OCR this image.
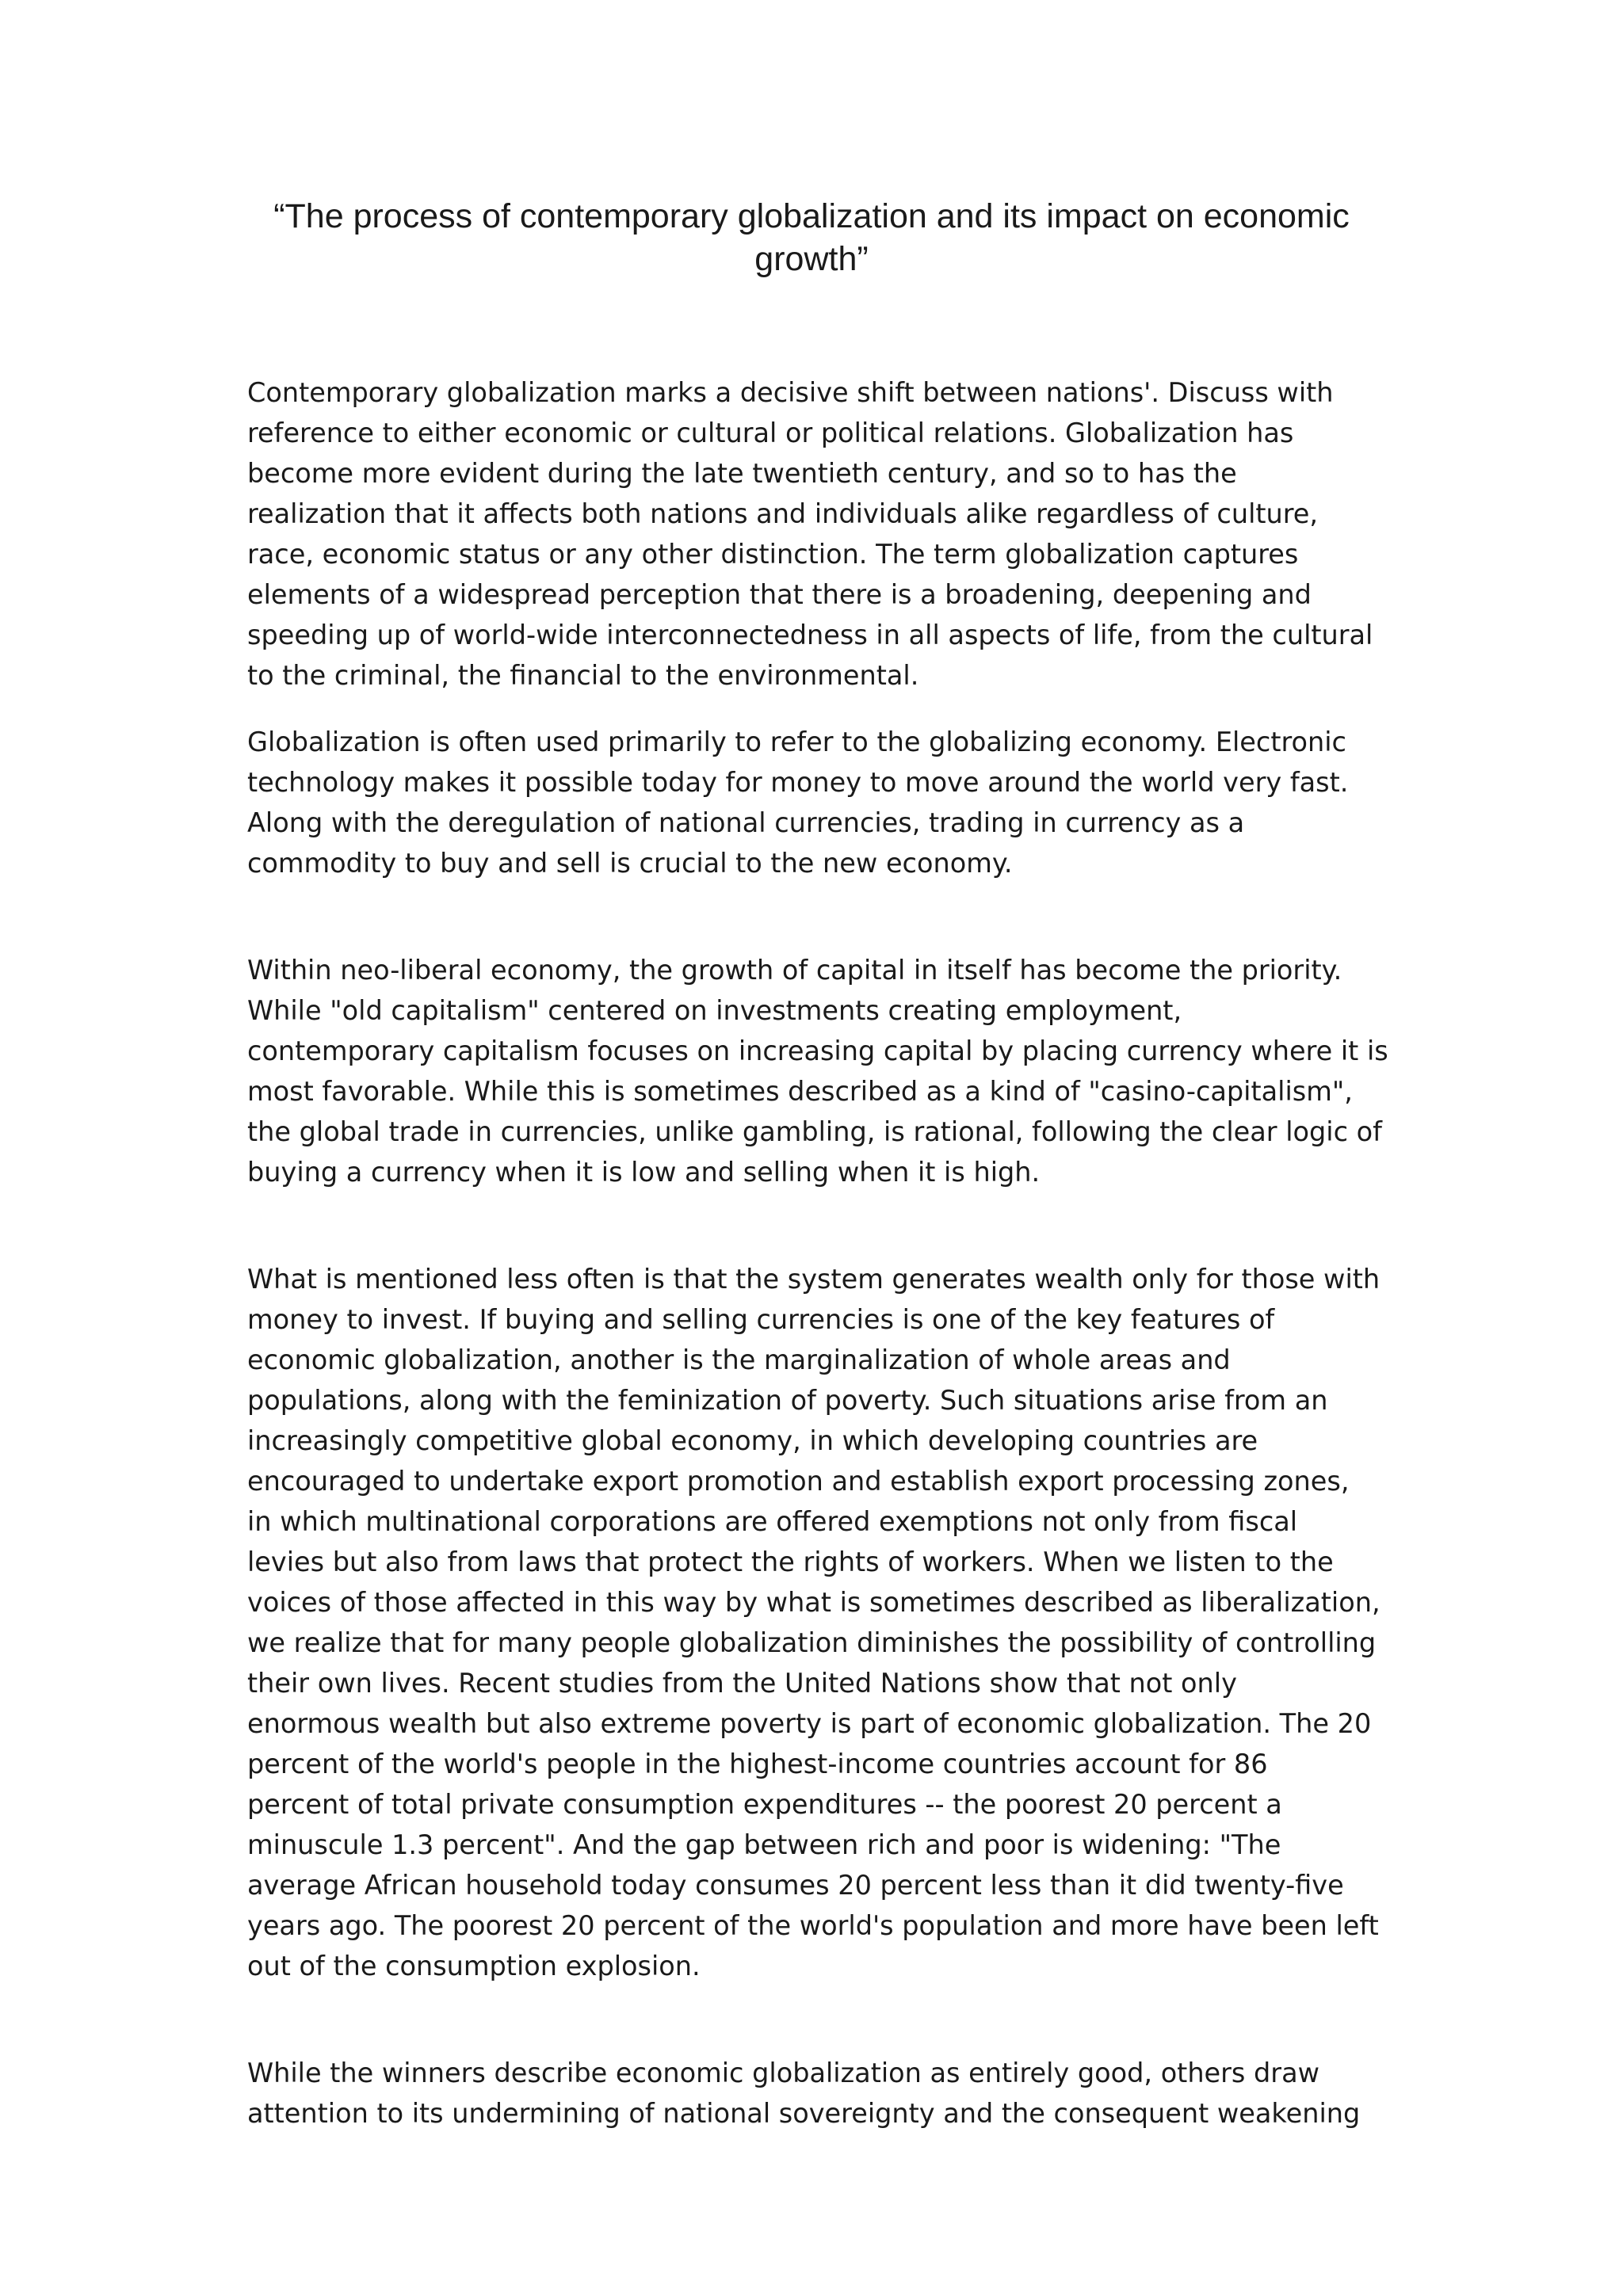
“The process of contemporary globalization and its impact on economic growth”

Contemporary globalization marks a decisive shift between nations'. Discuss with
reference to either economic or cultural or political relations. Globalization has
become more evident during the late twentieth century, and so to has the
realization that it affects both nations and individuals alike regardless of culture,
race, economic status or any other distinction. The term globalization captures
elements of a widespread perception that there is a broadening, deepening and
speeding up of world-wide interconnectedness in all aspects of life, from the cultural
to the criminal, the financial to the environmental.

Globalization is often used primarily to refer to the globalizing economy. Electronic
technology makes it possible today for money to move around the world very fast.
Along with the deregulation of national currencies, trading in currency as a
commodity to buy and sell is crucial to the new economy.

Within neo-liberal economy, the growth of capital in itself has become the priority.
While "old capitalism" centered on investments creating employment,
contemporary capitalism focuses on increasing capital by placing currency where it is
most favorable. While this is sometimes described as a kind of "casino-capitalism",
the global trade in currencies, unlike gambling, is rational, following the clear logic of
buying a currency when it is low and selling when it is high.

What is mentioned less often is that the system generates wealth only for those with
money to invest. If buying and selling currencies is one of the key features of
economic globalization, another is the marginalization of whole areas and
populations, along with the feminization of poverty. Such situations arise from an
increasingly competitive global economy, in which developing countries are
encouraged to undertake export promotion and establish export processing zones,
in which multinational corporations are offered exemptions not only from fiscal
levies but also from laws that protect the rights of workers. When we listen to the
voices of those affected in this way by what is sometimes described as liberalization,
we realize that for many people globalization diminishes the possibility of controlling
their own lives. Recent studies from the United Nations show that not only
enormous wealth but also extreme poverty is part of economic globalization. The 20
percent of the world's people in the highest-income countries account for 86
percent of total private consumption expenditures -- the poorest 20 percent a
minuscule 1.3 percent". And the gap between rich and poor is widening: "The
average African household today consumes 20 percent less than it did twenty-five
years ago. The poorest 20 percent of the world's population and more have been left
out of the consumption explosion.

While the winners describe economic globalization as entirely good, others draw
attention to its undermining of national sovereignty and the consequent weakening
